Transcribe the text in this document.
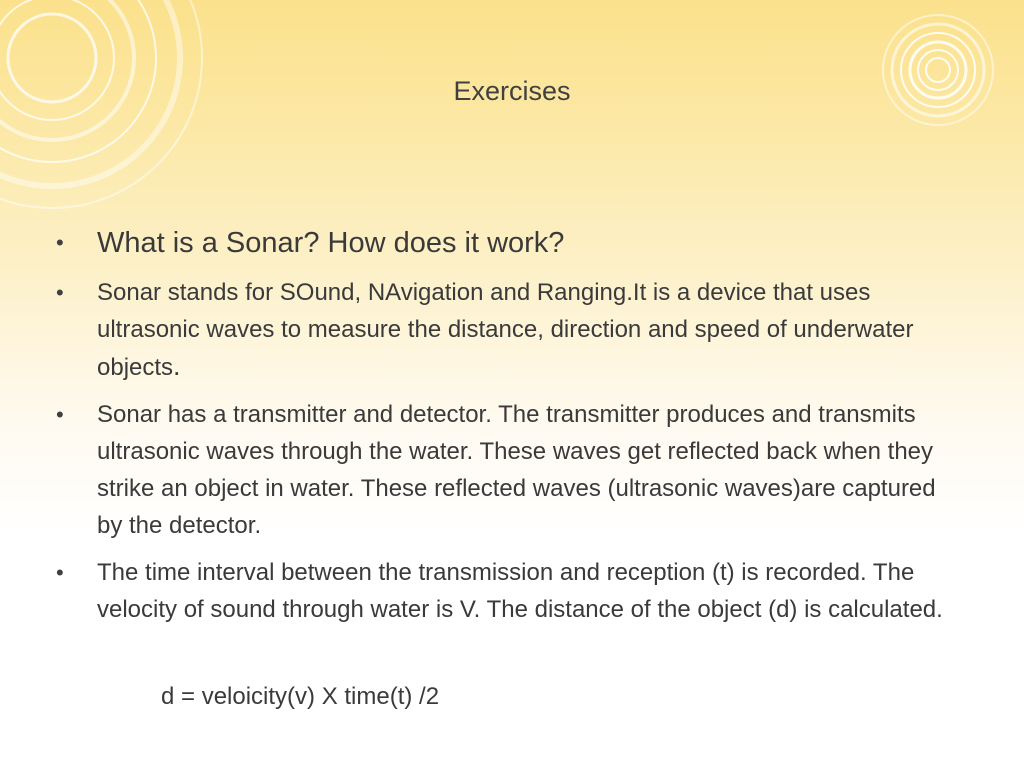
Exercises
• What is a Sonar? How does it work?
• Sonar stands for SOund, NAvigation and Ranging.It is a device that uses ultrasonic waves to measure the distance, direction and speed of underwater objects.
• Sonar has a transmitter and detector. The transmitter produces and transmits ultrasonic waves through the water. These waves get reflected back when they strike an object in water. These reflected waves (ultrasonic waves)are captured by the detector.
• The time interval between the transmission and reception (t) is recorded. The velocity of sound through water is V. The distance of the object (d) is calculated.

d = veloicity(v) X time(t) /2
